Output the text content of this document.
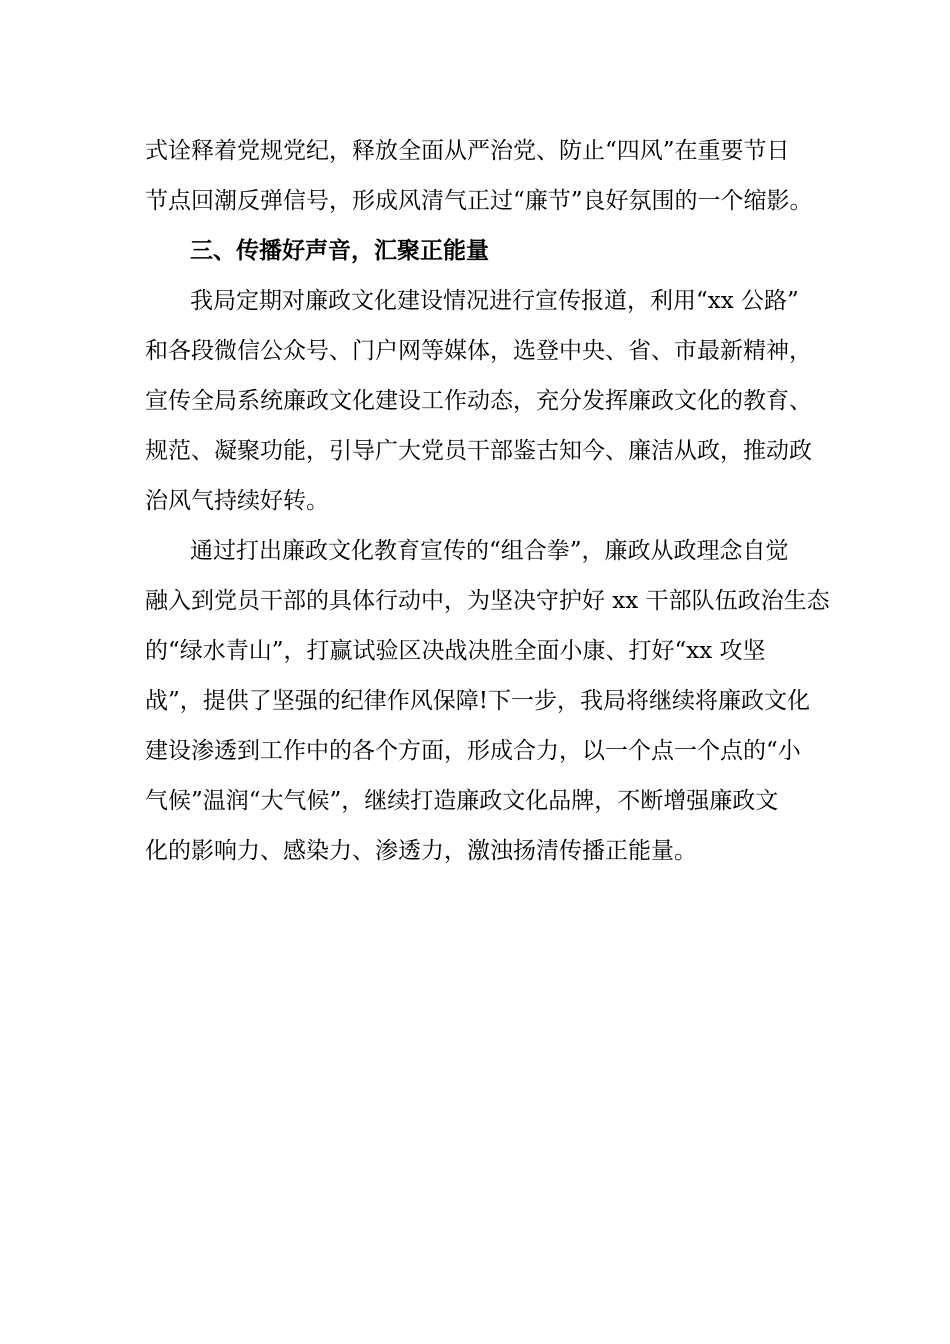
式诠释着党规党纪，释放全面从严治党、防止“四风”在重要节日
节点回潮反弹信号，形成风清气正过“廉节”良好氛围的一个缩影。
三、传播好声音，汇聚正能量
我局定期对廉政文化建设情况进行宣传报道，利用“xx 公路”
和各段微信公众号、门户网等媒体，选登中央、省、市最新精神，
宣传全局系统廉政文化建设工作动态，充分发挥廉政文化的教育、
规范、凝聚功能，引导广大党员干部鉴古知今、廉洁从政，推动政
治风气持续好转。
通过打出廉政文化教育宣传的“组合拳”，廉政从政理念自觉
融入到党员干部的具体行动中，为坚决守护好 xx 干部队伍政治生态
的“绿水青山”，打赢试验区决战决胜全面小康、打好“xx 攻坚
战”，提供了坚强的纪律作风保障!下一步，我局将继续将廉政文化
建设渗透到工作中的各个方面，形成合力，以一个点一个点的“小
气候”温润“大气候”，继续打造廉政文化品牌，不断增强廉政文
化的影响力、感染力、渗透力，激浊扬清传播正能量。
